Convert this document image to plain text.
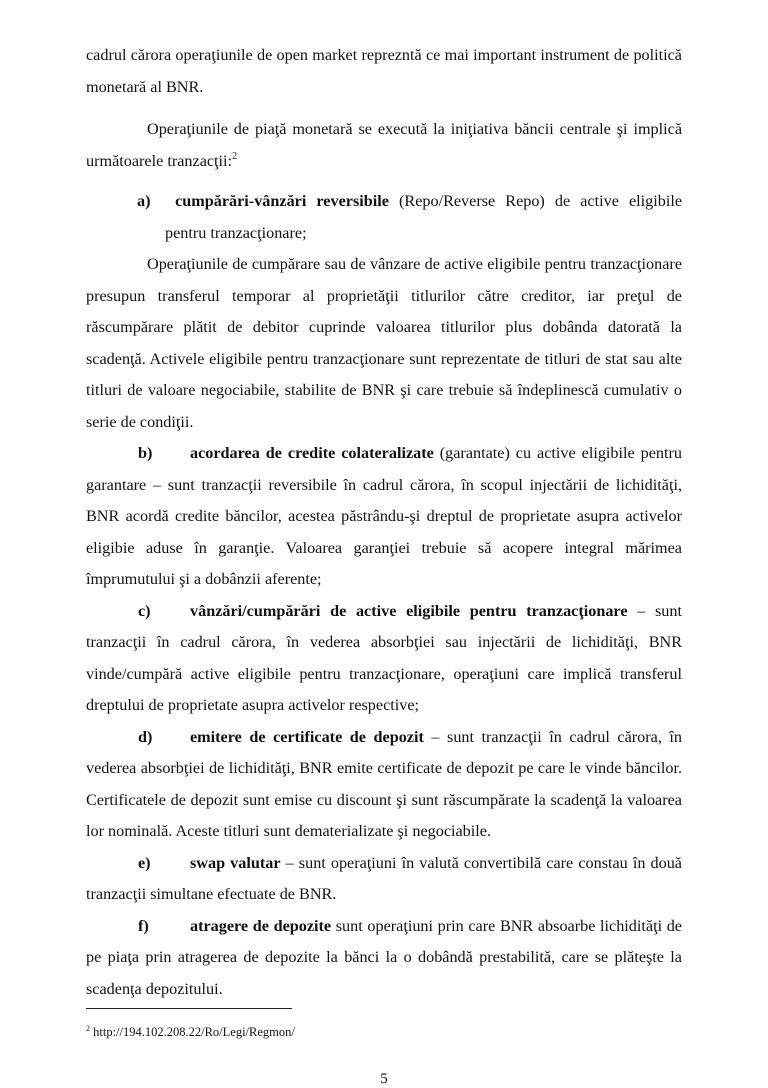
cadrul cărora operaţiunile de open market reprezntă ce mai important instrument de politică monetară al BNR.

Operaţiunile de piaţă monetară se execută la iniţiativa băncii centrale şi implică următoarele tranzacţii:$^2$

a) cumpărări-vânzări reversibile (Repo/Reverse Repo) de active eligibile pentru tranzacţionare;

Operaţiunile de cumpărare sau de vânzare de active eligibile pentru tranzacţionare presupun transferul temporar al proprietăţii titlurilor către creditor, iar preţul de răscumpărare plătit de debitor cuprinde valoarea titlurilor plus dobânda datorată la scadenţă. Activele eligibile pentru tranzacţionare sunt reprezentate de titluri de stat sau alte titluri de valoare negociabile, stabilite de BNR şi care trebuie să îndeplinescă cumulativ o serie de condiţii.

b) acordarea de credite colateralizate (garantate) cu active eligibile pentru garantare – sunt tranzacţii reversibile în cadrul cărora, în scopul injectării de lichidităţi, BNR acordă credite băncilor, acestea păstrându-şi dreptul de proprietate asupra activelor eligibie aduse în garanţie. Valoarea garanţiei trebuie să acopere integral mărimea împrumutului şi a dobânzii aferente;

c) vânzări/cumpărări de active eligibile pentru tranzacţionare – sunt tranzacţii în cadrul cărora, în vederea absorbţiei sau injectării de lichidităţi, BNR vinde/cumpără active eligibile pentru tranzacţionare, operaţiuni care implică transferul dreptului de proprietate asupra activelor respective;

d) emitere de certificate de depozit – sunt tranzacţii în cadrul cărora, în vederea absorbţiei de lichidităţi, BNR emite certificate de depozit pe care le vinde băncilor. Certificatele de depozit sunt emise cu discount şi sunt răscumpărate la scadenţă la valoarea lor nominală. Aceste titluri sunt dematerializate şi negociabile.

e) swap valutar – sunt operaţiuni în valută convertibilă care constau în două tranzacţii simultane efectuate de BNR.

f)	atragere de depozite sunt operaţiuni prin care BNR absoarbe lichidităţi de pe piaţa prin atragerea de depozite la bănci la o dobândă prestabilită, care se plăteşte la scadenţa depozitului.

$^2$ http://194.102.208.22/Ro/Legi/Regmon/
5
